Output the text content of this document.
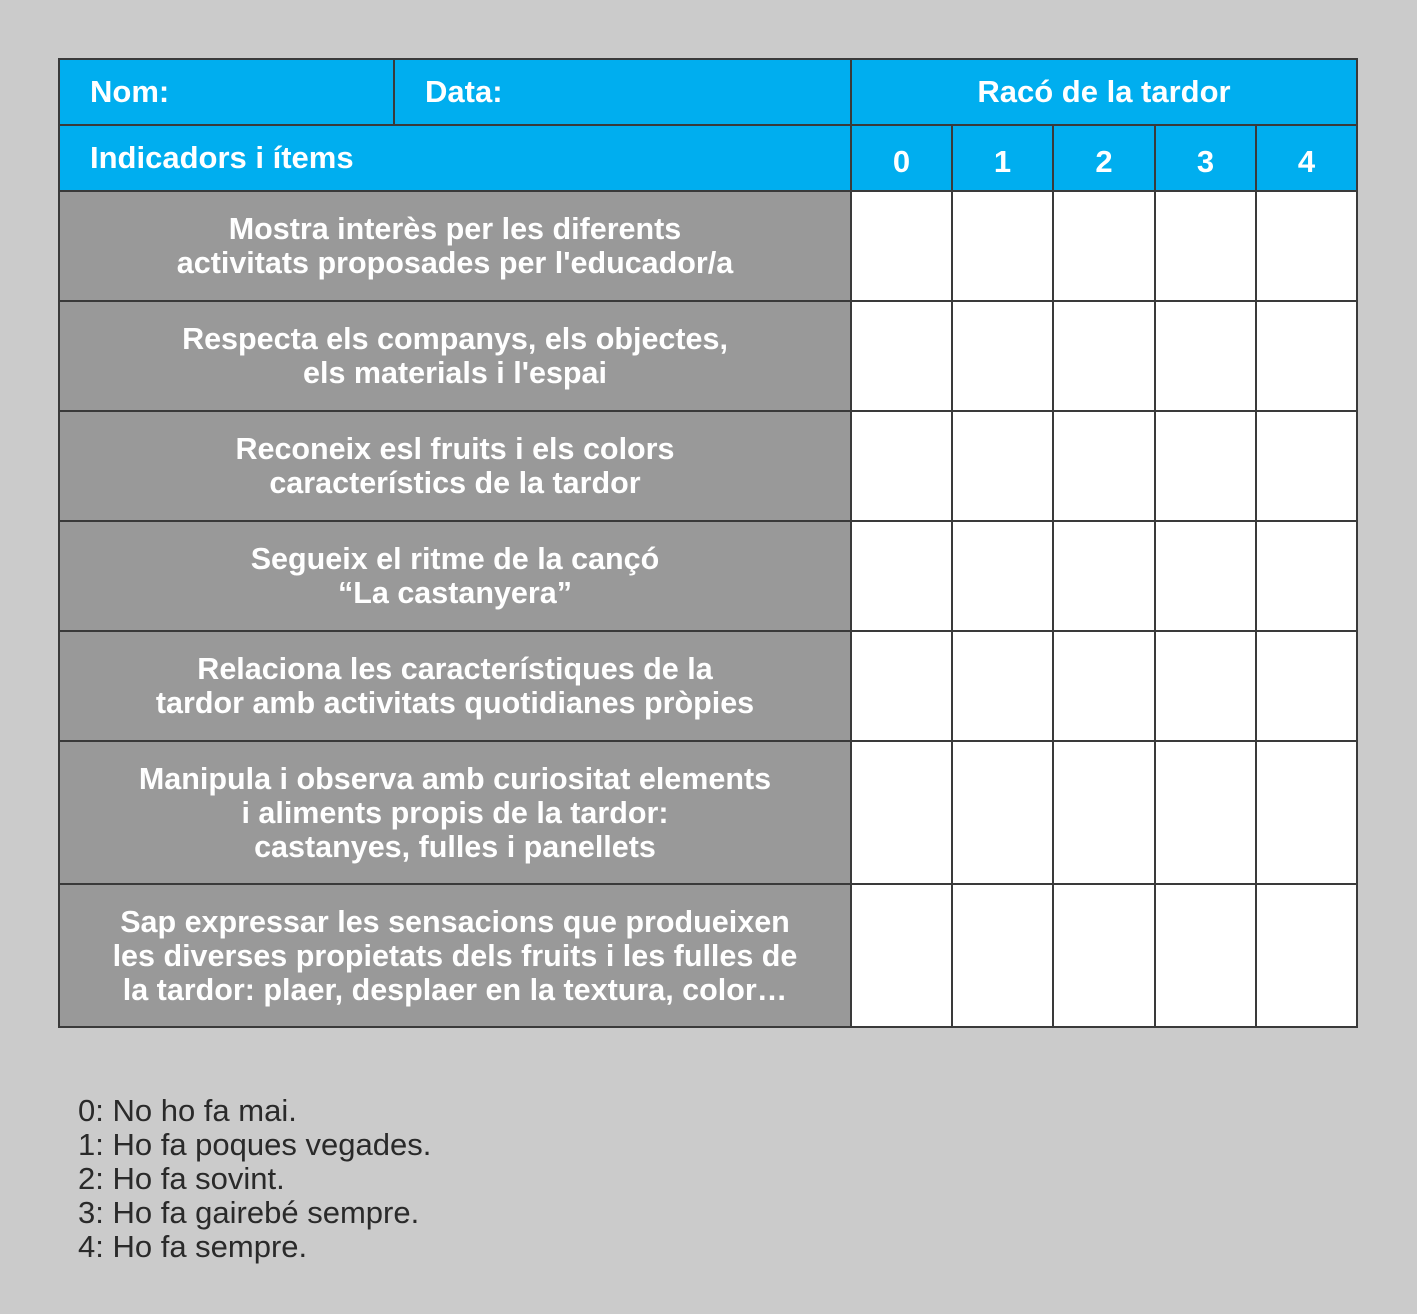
Nom:	Data:	Racó de la tardor
Indicadors i ítems	0	1	2	3	4
Mostra interès per les diferents
activitats proposades per l'educador/a
Respecta els companys, els objectes,
els materials i l'espai
Reconeix esl fruits i els colors
característics de la tardor
Segueix el ritme de la cançó
“La castanyera”
Relaciona les característiques de la
tardor amb activitats quotidianes pròpies
Manipula i observa amb curiositat elements
i aliments propis de la tardor:
castanyes, fulles i panellets
Sap expressar les sensacions que produeixen
les diverses propietats dels fruits i les fulles de
la tardor: plaer, desplaer en la textura, color…
0: No ho fa mai.
1: Ho fa poques vegades.
2: Ho fa sovint.
3: Ho fa gairebé sempre.
4: Ho fa sempre.
